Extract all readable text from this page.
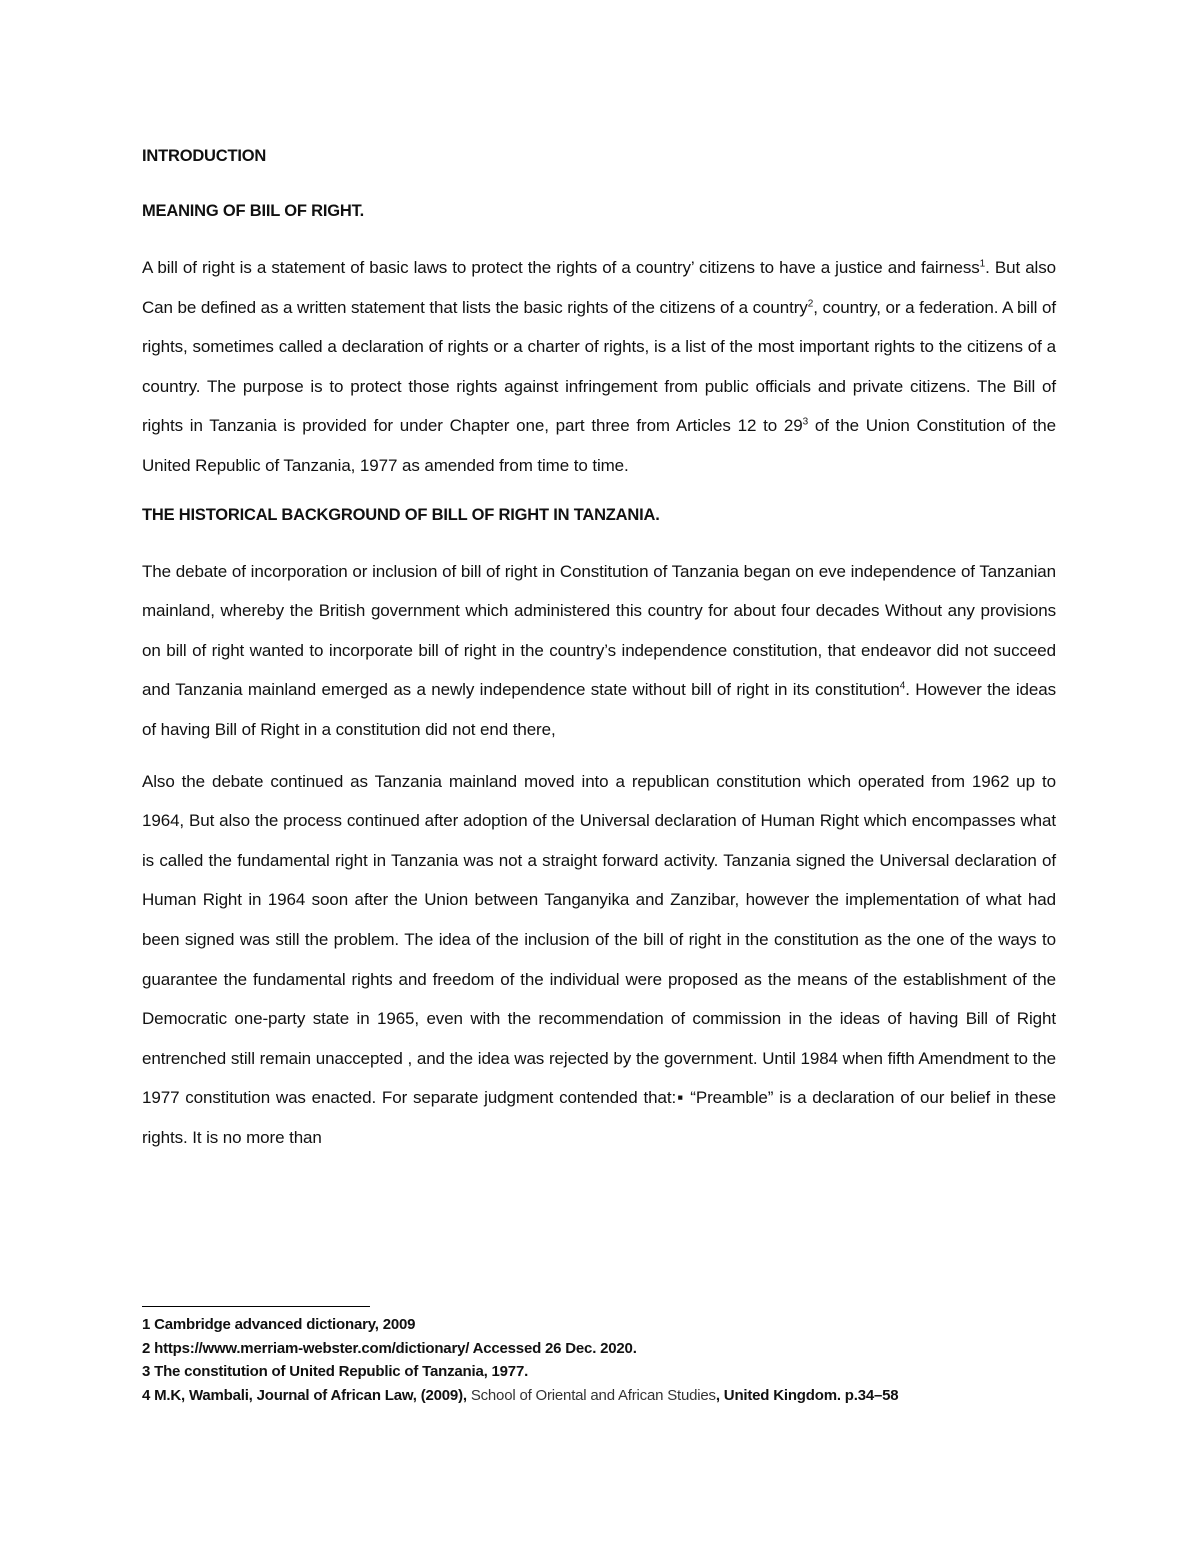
INTRODUCTION

MEANING OF BIIL OF RIGHT.

A bill of right is a statement of basic laws to protect the rights of a country’ citizens to have a justice and fairness$^1$. But also Can be defined as a written statement that lists the basic rights of the citizens of a country$^2$, country, or a federation. A bill of rights, sometimes called a declaration of rights or a charter of rights, is a list of the most important rights to the citizens of a country. The purpose is to protect those rights against infringement from public officials and private citizens. The Bill of rights in Tanzania is provided for under Chapter one, part three from Articles 12 to $29^3$ of the Union Constitution of the United Republic of Tanzania, 1977 as amended from time to time.

THE HISTORICAL BACKGROUND OF BILL OF RIGHT IN TANZANIA.

The debate of incorporation or inclusion of bill of right in Constitution of Tanzania began on eve independence of Tanzanian mainland, whereby the British government which administered this country for about four decades Without any provisions on bill of right wanted to incorporate bill of right in the country’s independence constitution, that endeavor did not succeed and Tanzania mainland emerged as a newly independence state without bill of right in its constitution$^4$. However the ideas of having Bill of Right in a constitution did not end there,

Also the debate continued as Tanzania mainland moved into a republican constitution which operated from 1962 up to 1964, But also the process continued after adoption of the Universal declaration of Human Right which encompasses what is called the fundamental right in Tanzania was not a straight forward activity. Tanzania signed the Universal declaration of Human Right in 1964 soon after the Union between Tanganyika and Zanzibar, however the implementation of what had been signed was still the problem. The idea of the inclusion of the bill of right in the constitution as the one of the ways to guarantee the fundamental rights and freedom of the individual were proposed as the means of the establishment of the Democratic one-party state in 1965, even with the recommendation of commission in the ideas of having Bill of Right entrenched still remain unaccepted , and the idea was rejected by the government. Until 1984 when fifth Amendment to the 1977 constitution was enacted. For separate judgment contended that:▪ “Preamble” is a declaration of our belief in these rights. It is no more than

1 Cambridge advanced dictionary, 2009
2 https://www.merriam-webster.com/dictionary/ Accessed 26 Dec. 2020.
3 The constitution of United Republic of Tanzania, 1977.
4 M.K, Wambali, Journal of African Law, (2009), School of Oriental and African Studies, United Kingdom. p.34–58
